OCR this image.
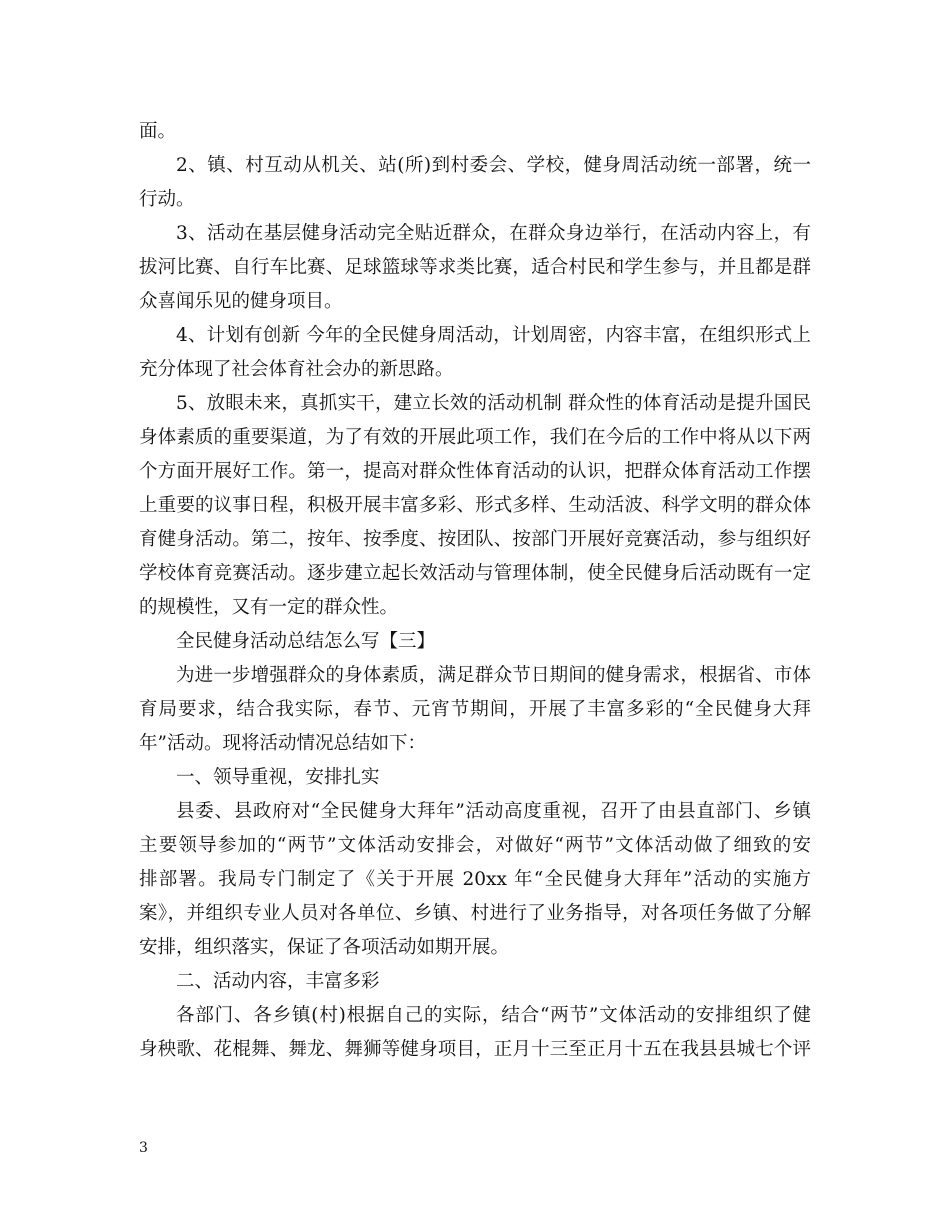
面。
2、镇、村互动从机关、站(所)到村委会、学校，健身周活动统一部署，统一
行动。
3、活动在基层健身活动完全贴近群众，在群众身边举行，在活动内容上，有
拔河比赛、自行车比赛、足球篮球等求类比赛，适合村民和学生参与，并且都是群
众喜闻乐见的健身项目。
4、计划有创新 今年的全民健身周活动，计划周密，内容丰富，在组织形式上
充分体现了社会体育社会办的新思路。
5、放眼未来，真抓实干，建立长效的活动机制 群众性的体育活动是提升国民
身体素质的重要渠道，为了有效的开展此项工作，我们在今后的工作中将从以下两
个方面开展好工作。第一，提高对群众性体育活动的认识，把群众体育活动工作摆
上重要的议事日程，积极开展丰富多彩、形式多样、生动活波、科学文明的群众体
育健身活动。第二，按年、按季度、按团队、按部门开展好竞赛活动，参与组织好
学校体育竞赛活动。逐步建立起长效活动与管理体制，使全民健身后活动既有一定
的规模性，又有一定的群众性。
全民健身活动总结怎么写【三】
为进一步增强群众的身体素质，满足群众节日期间的健身需求，根据省、市体
育局要求，结合我实际，春节、元宵节期间，开展了丰富多彩的“全民健身大拜
年”活动。现将活动情况总结如下：
一、领导重视，安排扎实
县委、县政府对“全民健身大拜年”活动高度重视，召开了由县直部门、乡镇
主要领导参加的“两节”文体活动安排会，对做好“两节”文体活动做了细致的安
排部署。我局专门制定了《关于开展 20xx 年“全民健身大拜年”活动的实施方
案》，并组织专业人员对各单位、乡镇、村进行了业务指导，对各项任务做了分解
安排，组织落实，保证了各项活动如期开展。
二、活动内容，丰富多彩
各部门、各乡镇(村)根据自己的实际，结合“两节”文体活动的安排组织了健
身秧歌、花棍舞、舞龙、舞狮等健身项目，正月十三至正月十五在我县县城七个评
3
